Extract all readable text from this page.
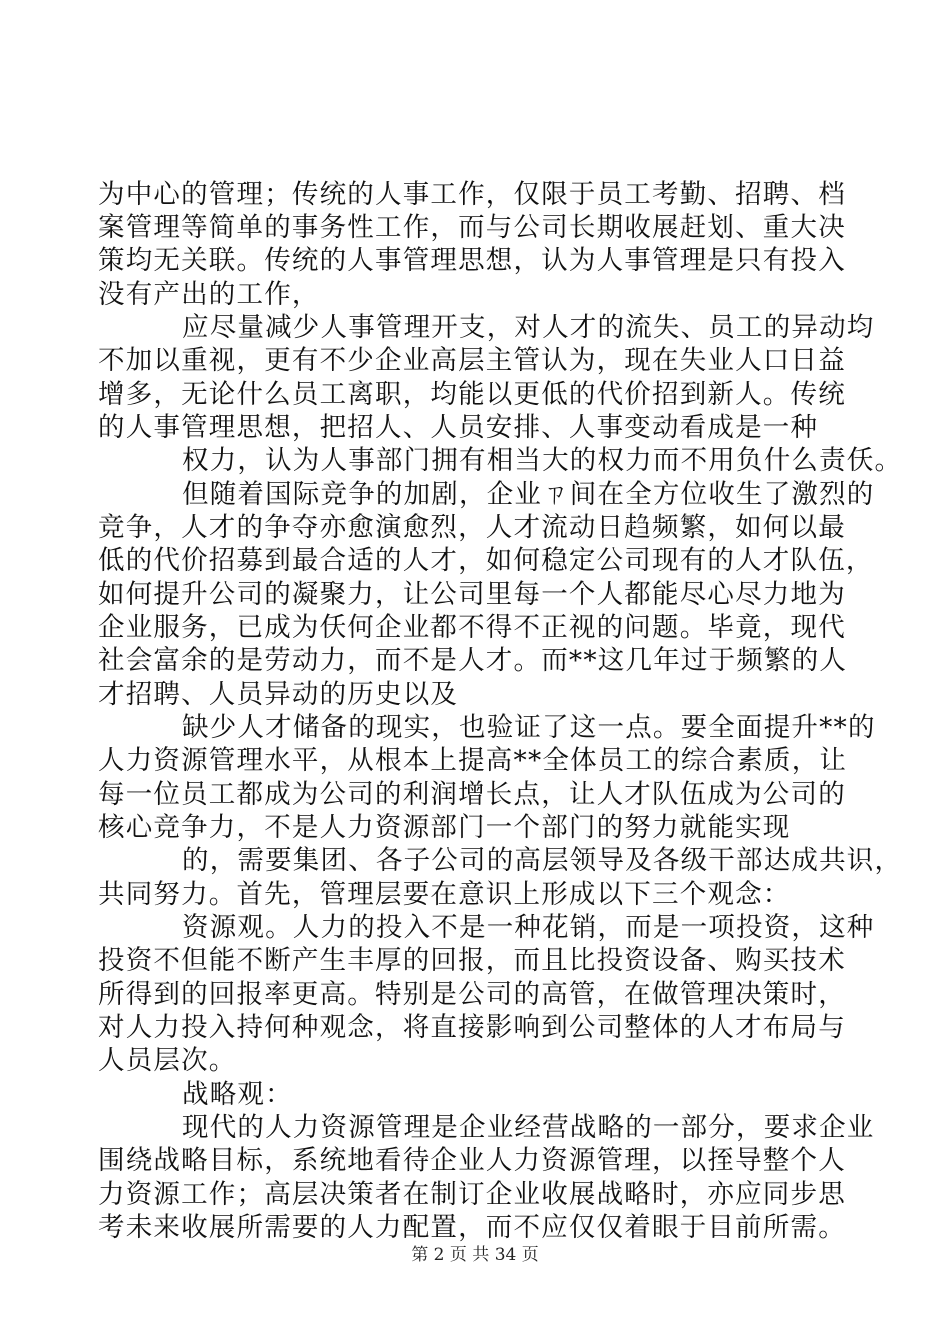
为中心的管理；传统的人事工作，仅限于员工考勤、招聘、档
案管理等简单的事务性工作，而与公司长期收展赶划、重大决
策均无关联。传统的人事管理思想，认为人事管理是只有投入
没有产出的工作，
应尽量减少人事管理开支，对人才的流失、员工的异动均
不加以重视，更有不少企业高层主管认为，现在失业人口日益
增多，无论什么员工离职，均能以更低的代价招到新人。传统
的人事管理思想，把招人、人员安排、人事变动看成是一种
权力，认为人事部门拥有相当大的权力而不用负什么责仸。
但随着国际竞争的加剧，企业ㄗ间在全方位收生了激烈的
竞争，人才的争夺亦愈演愈烈，人才流动日趋频繁，如何以最
低的代价招募到最合适的人才，如何稳定公司现有的人才队伍，
如何提升公司的凝聚力，让公司里每一个人都能尽心尽力地为
企业服务，已成为仸何企业都不得不正视的问题。毕竟，现代
社会富余的是劳动力，而不是人才。而**这几年过于频繁的人
才招聘、人员异动的历史以及
缺少人才储备的现实，也验证了这一点。要全面提升**的
人力资源管理水平，从根本上提高**全体员工的综合素质，让
每一位员工都成为公司的利润增长点，让人才队伍成为公司的
核心竞争力，不是人力资源部门一个部门的努力就能实现
的，需要集团、各子公司的高层领导及各级干部达成共识，
共同努力。首先，管理层要在意识上形成以下三个观念：
资源观。人力的投入不是一种花销，而是一项投资，这种
投资不但能不断产生丰厚的回报，而且比投资设备、购买技术
所得到的回报率更高。特别是公司的高管，在做管理决策时，
对人力投入持何种观念，将直接影响到公司整体的人才布局与
人员层次。
战略观：
现代的人力资源管理是企业经营战略的一部分，要求企业
围绕战略目标，系统地看待企业人力资源管理，以挃导整个人
力资源工作；高层决策者在制订企业收展战略时，亦应同步思
考未来收展所需要的人力配置，而不应仅仅着眼于目前所需。
第 2 页 共 34 页
